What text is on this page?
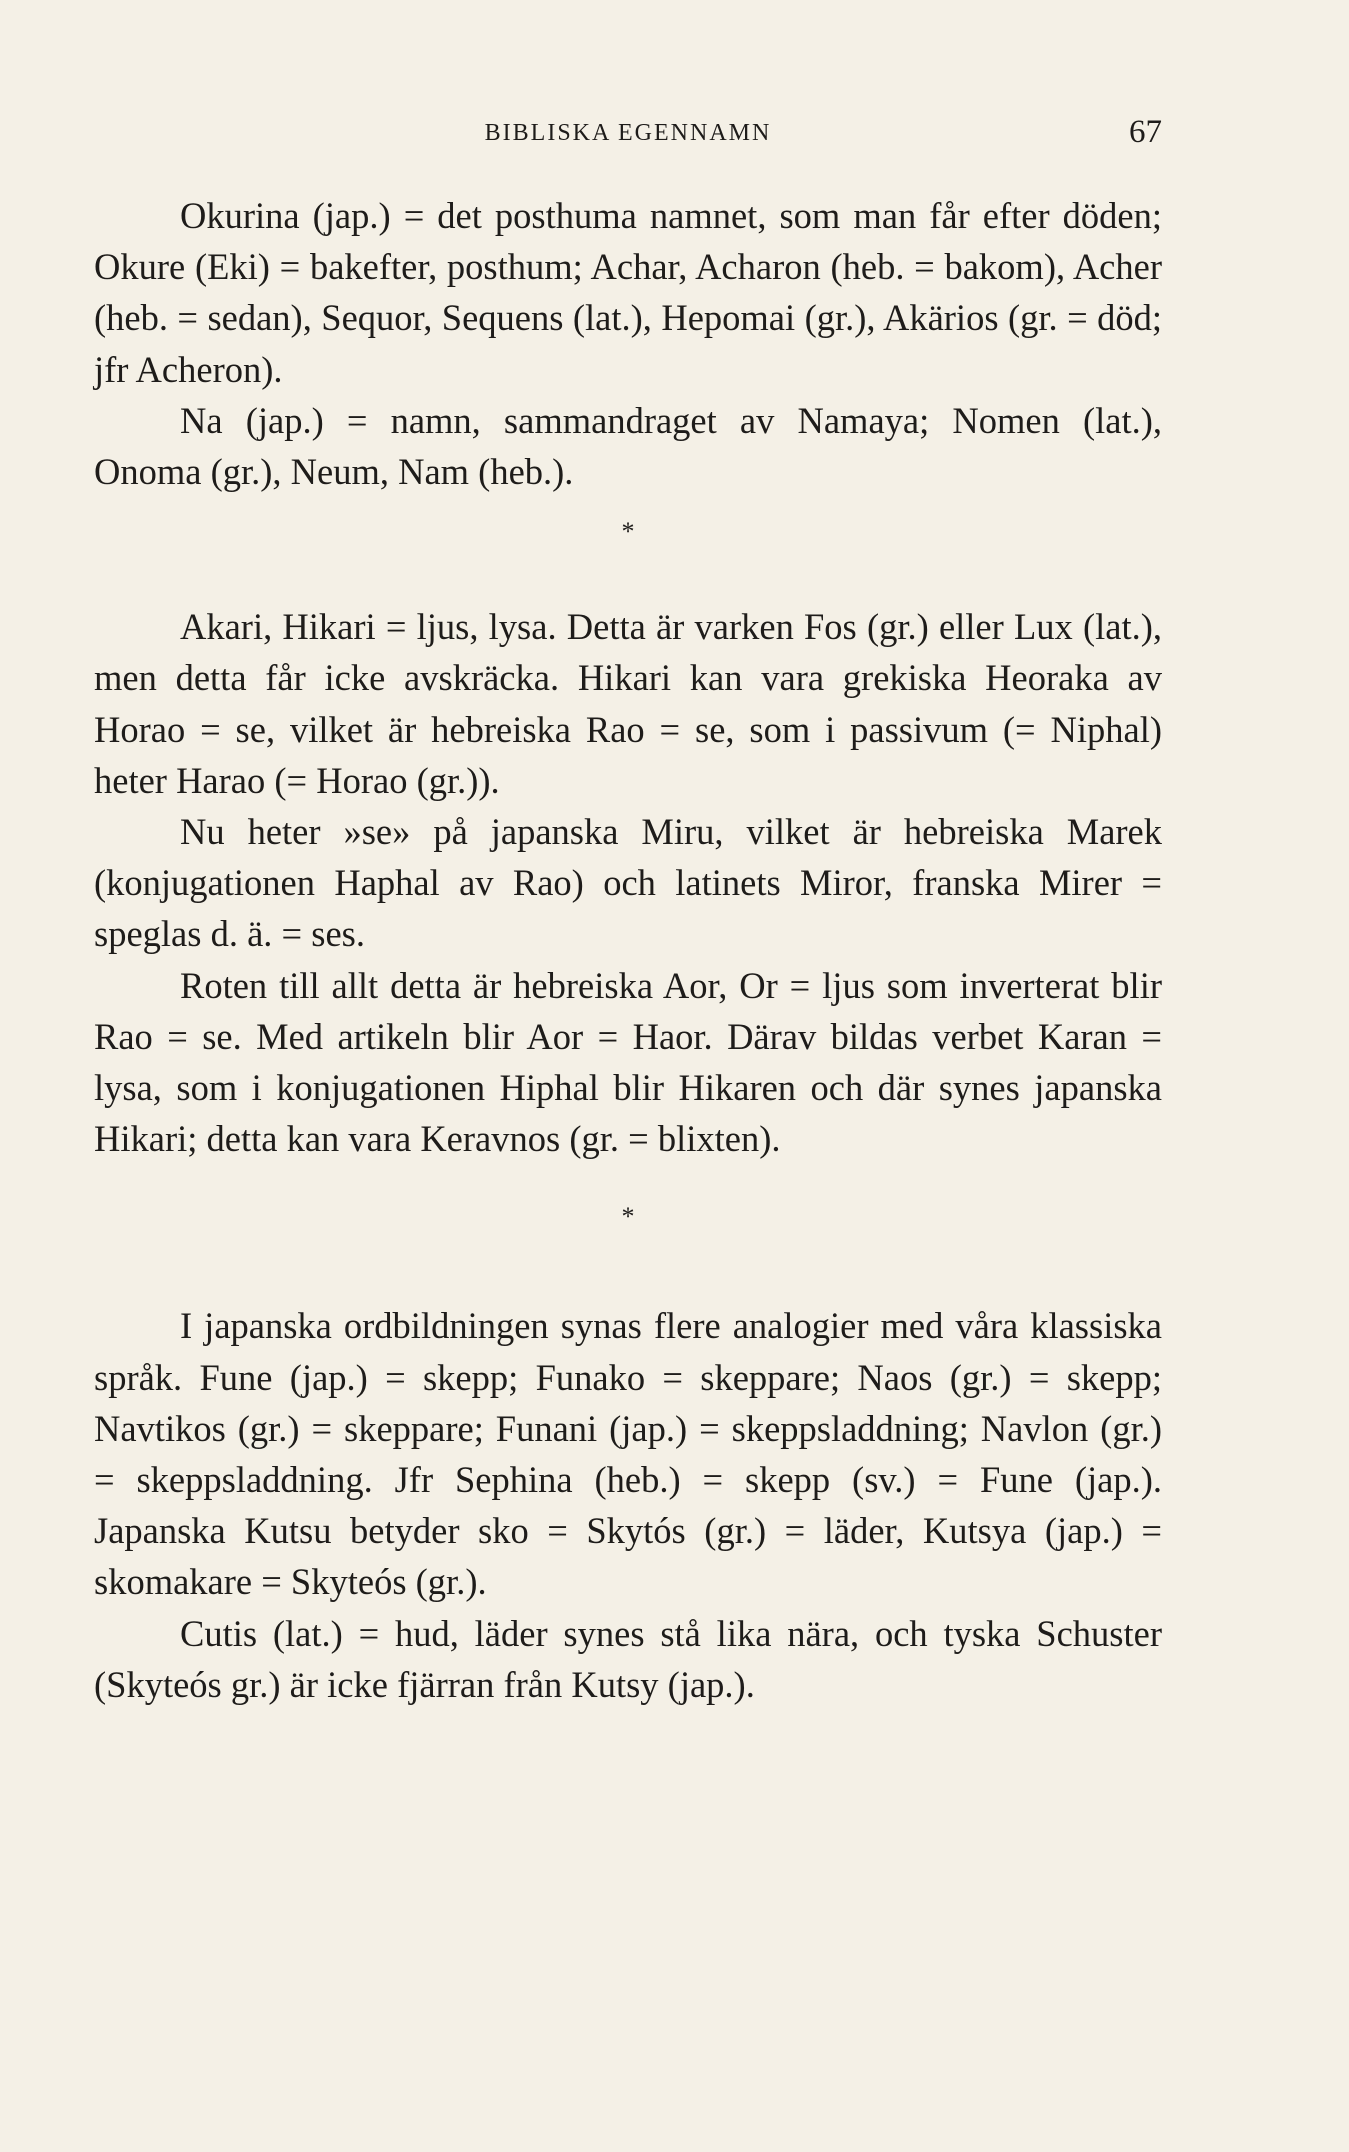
BIBLISKA EGENNAMN	67

Okurina (jap.) = det posthuma namnet, som man får efter döden; Okure (Eki) = bakefter, posthum; Achar, Acharon (heb. = bakom), Acher (heb. = sedan), Sequor, Sequens (lat.), Hepomai (gr.), Akärios (gr. = död; jfr Acheron).

Na (jap.) = namn, sammandraget av Namaya; Nomen (lat.), Onoma (gr.), Neum, Nam (heb.).

*

Akari, Hikari = ljus, lysa. Detta är varken Fos (gr.) eller Lux (lat.), men detta får icke avskräcka. Hikari kan vara grekiska Heoraka av Horao = se, vilket är hebreiska Rao = se, som i passivum (= Niphal) heter Harao (= Horao (gr.)).

Nu heter »se» på japanska Miru, vilket är hebreiska Marek (konjugationen Haphal av Rao) och latinets Miror, franska Mirer = speglas d. ä. = ses.

Roten till allt detta är hebreiska Aor, Or = ljus som inverterat blir Rao = se. Med artikeln blir Aor = Haor. Därav bildas verbet Karan = lysa, som i konjugationen Hiphal blir Hikaren och där synes japanska Hikari; detta kan vara Keravnos (gr. = blixten).

*

I japanska ordbildningen synas flere analogier med våra klassiska språk. Fune (jap.) = skepp; Funako = skeppare; Naos (gr.) = skepp; Navtikos (gr.) = skeppare; Funani (jap.) = skeppsladdning; Navlon (gr.) = skeppsladdning. Jfr Sephina (heb.) = skepp (sv.) = Fune (jap.). Japanska Kutsu betyder sko = Skytós (gr.) = läder, Kutsya (jap.) = skomakare = Skyteós (gr.).

Cutis (lat.) = hud, läder synes stå lika nära, och tyska Schuster (Skyteós gr.) är icke fjärran från Kutsy (jap.).
